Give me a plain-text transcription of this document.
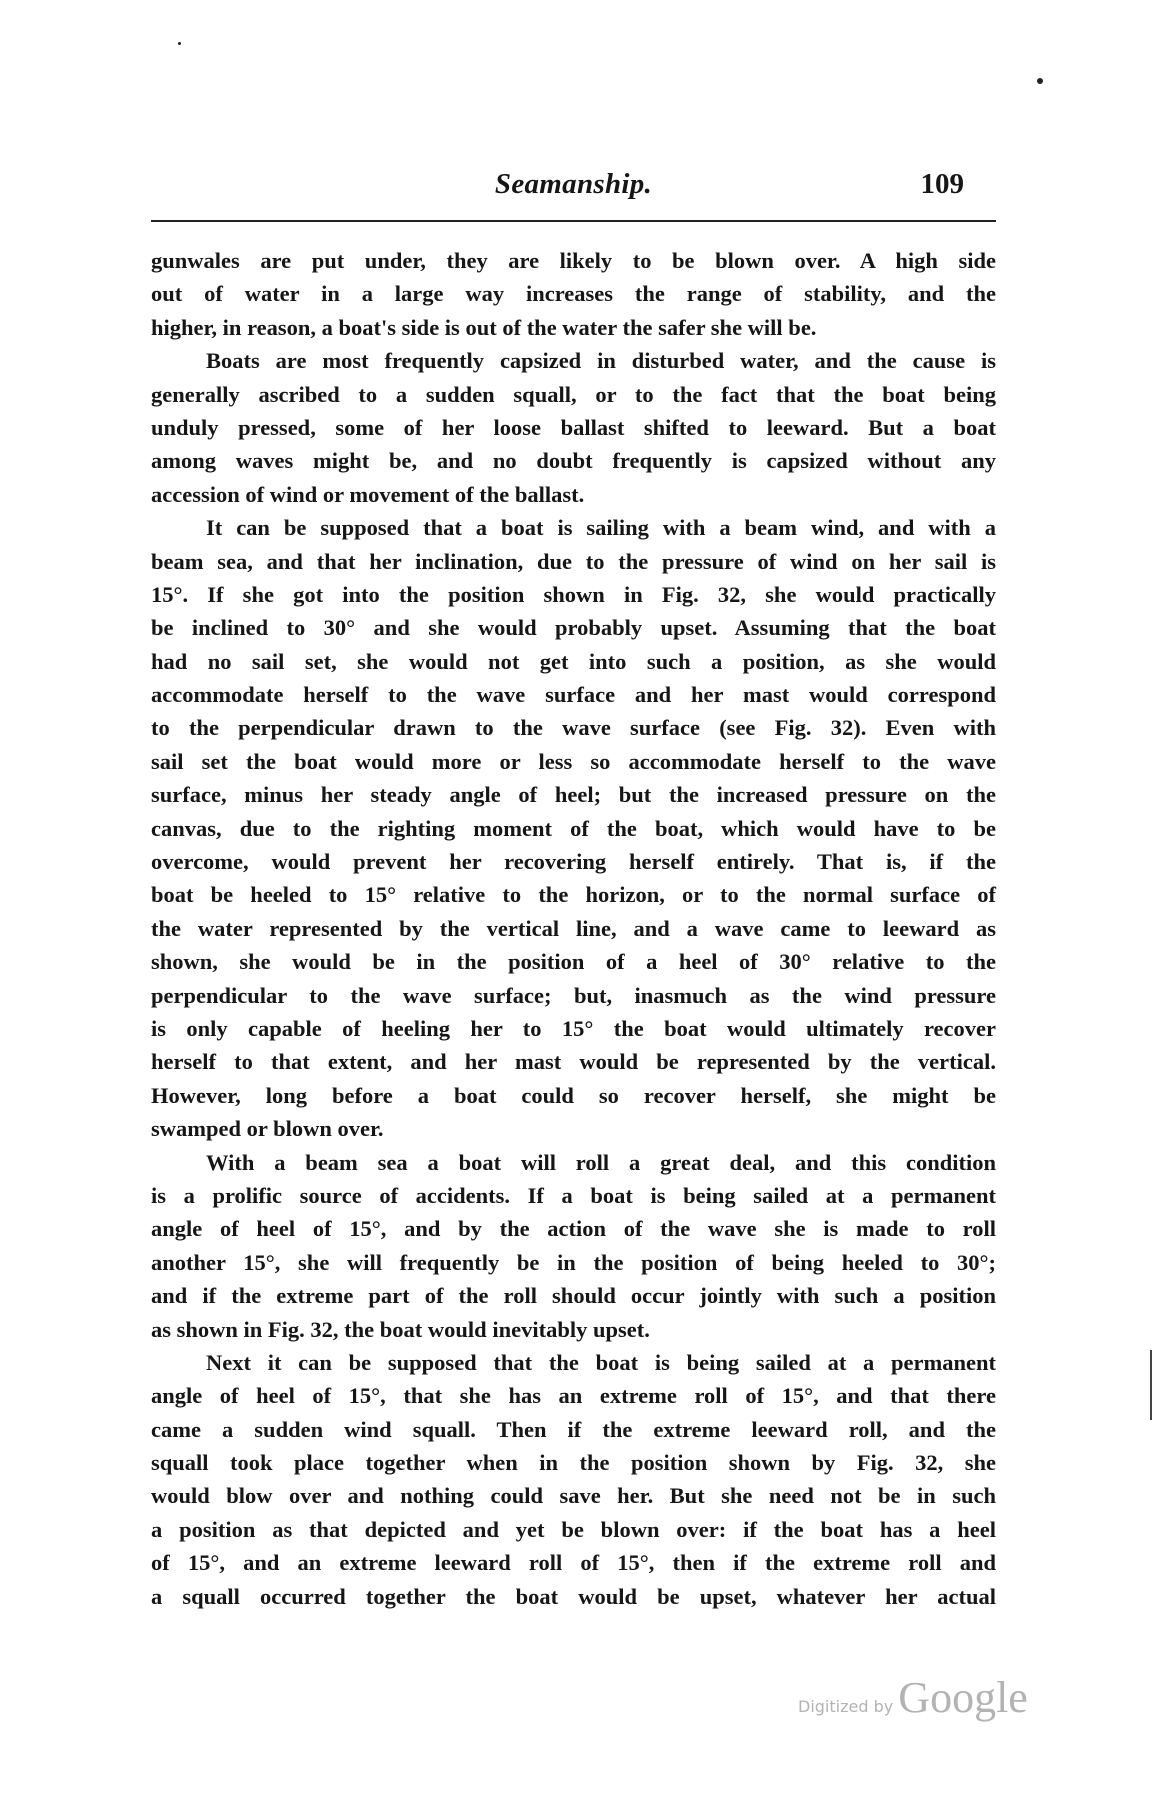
Seamanship.	109
gunwales are put under, they are likely to be blown over. A high side
out of water in a large way increases the range of stability, and the
higher, in reason, a boat's side is out of the water the safer she will be.
Boats are most frequently capsized in disturbed water, and the cause is
generally ascribed to a sudden squall, or to the fact that the boat being
unduly pressed, some of her loose ballast shifted to leeward. But a boat
among waves might be, and no doubt frequently is capsized without any
accession of wind or movement of the ballast.
It can be supposed that a boat is sailing with a beam wind, and with a
beam sea, and that her inclination, due to the pressure of wind on her sail is
15°. If she got into the position shown in Fig. 32, she would practically
be inclined to 30° and she would probably upset. Assuming that the boat
had no sail set, she would not get into such a position, as she would
accommodate herself to the wave surface and her mast would correspond
to the perpendicular drawn to the wave surface (see Fig. 32). Even with
sail set the boat would more or less so accommodate herself to the wave
surface, minus her steady angle of heel; but the increased pressure on the
canvas, due to the righting moment of the boat, which would have to be
overcome, would prevent her recovering herself entirely. That is, if the
boat be heeled to 15° relative to the horizon, or to the normal surface of
the water represented by the vertical line, and a wave came to leeward as
shown, she would be in the position of a heel of 30° relative to the
perpendicular to the wave surface; but, inasmuch as the wind pressure
is only capable of heeling her to 15° the boat would ultimately recover
herself to that extent, and her mast would be represented by the vertical.
However, long before a boat could so recover herself, she might be
swamped or blown over.
With a beam sea a boat will roll a great deal, and this condition
is a prolific source of accidents. If a boat is being sailed at a permanent
angle of heel of 15°, and by the action of the wave she is made to roll
another 15°, she will frequently be in the position of being heeled to 30°;
and if the extreme part of the roll should occur jointly with such a position
as shown in Fig. 32, the boat would inevitably upset.
Next it can be supposed that the boat is being sailed at a permanent
angle of heel of 15°, that she has an extreme roll of 15°, and that there
came a sudden wind squall. Then if the extreme leeward roll, and the
squall took place together when in the position shown by Fig. 32, she
would blow over and nothing could save her. But she need not be in such
a position as that depicted and yet be blown over: if the boat has a heel
of 15°, and an extreme leeward roll of 15°, then if the extreme roll and
a squall occurred together the boat would be upset, whatever her actual
Digitized by Google
